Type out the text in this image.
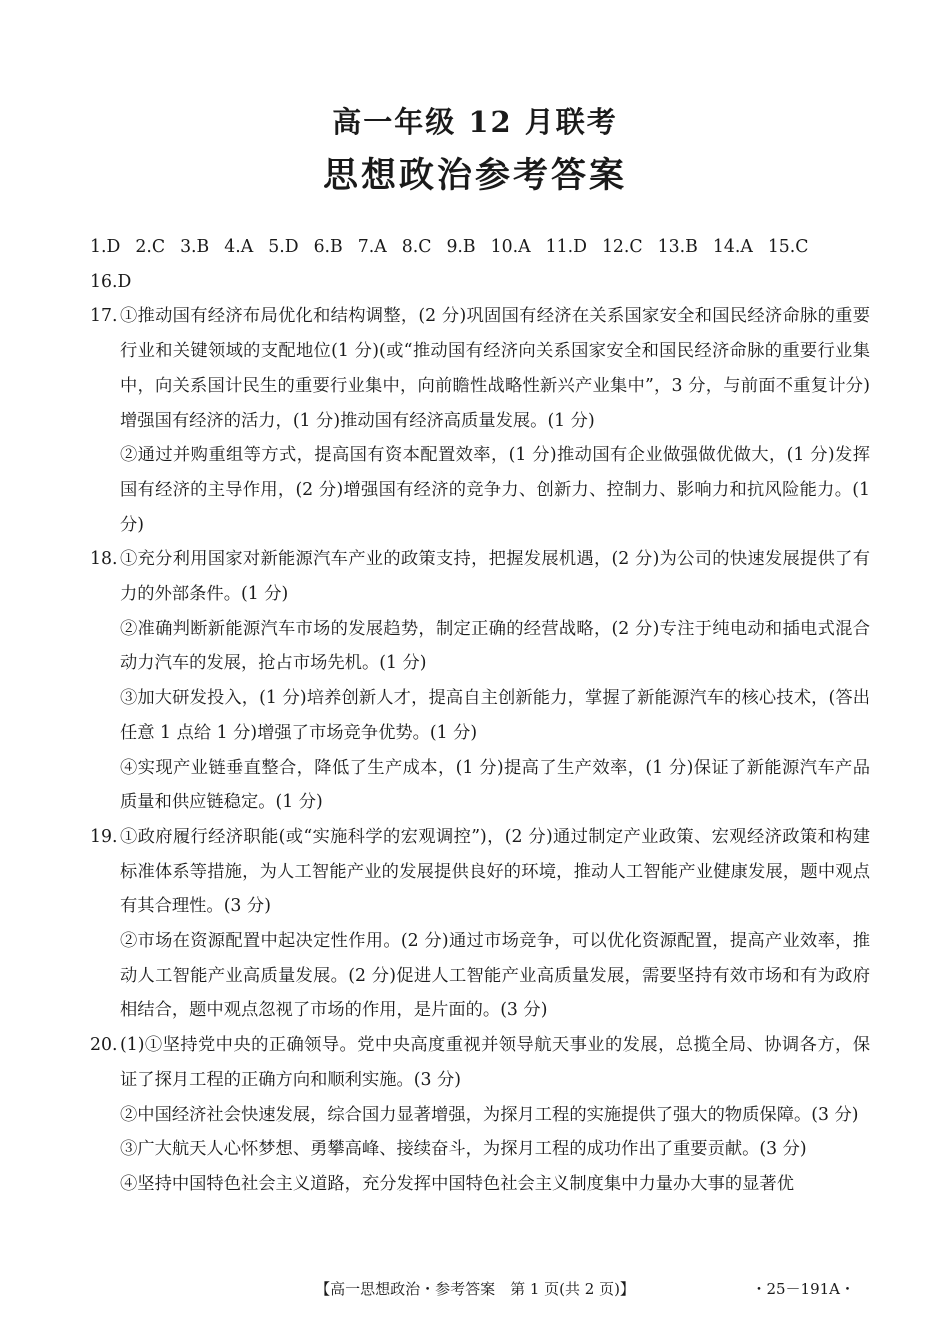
高一年级 12 月联考
思想政治参考答案
1.D 2.C 3.B 4.A 5.D 6.B 7.A 8.C 9.B 10.A 11.D 12.C 13.B 14.A 15.C
16.D
17. ①推动国有经济布局优化和结构调整，(2 分)巩固国有经济在关系国家安全和国民经济命脉的重要行业和关键领域的支配地位(1 分)(或“推动国有经济向关系国家安全和国民经济命脉的重要行业集中，向关系国计民生的重要行业集中，向前瞻性战略性新兴产业集中”，3 分，与前面不重复计分)增强国有经济的活力，(1 分)推动国有经济高质量发展。(1 分)

②通过并购重组等方式，提高国有资本配置效率，(1 分)推动国有企业做强做优做大，(1 分)发挥国有经济的主导作用，(2 分)增强国有经济的竞争力、创新力、控制力、影响力和抗风险能力。(1 分)

18. ①充分利用国家对新能源汽车产业的政策支持，把握发展机遇，(2 分)为公司的快速发展提供了有力的外部条件。(1 分)

②准确判断新能源汽车市场的发展趋势，制定正确的经营战略，(2 分)专注于纯电动和插电式混合动力汽车的发展，抢占市场先机。(1 分)

③加大研发投入，(1 分)培养创新人才，提高自主创新能力，掌握了新能源汽车的核心技术，(答出任意 1 点给 1 分)增强了市场竞争优势。(1 分)

④实现产业链垂直整合，降低了生产成本，(1 分)提高了生产效率，(1 分)保证了新能源汽车产品质量和供应链稳定。(1 分)

19. ①政府履行经济职能(或“实施科学的宏观调控”)，(2 分)通过制定产业政策、宏观经济政策和构建标准体系等措施，为人工智能产业的发展提供良好的环境，推动人工智能产业健康发展，题中观点有其合理性。(3 分)

②市场在资源配置中起决定性作用。(2 分)通过市场竞争，可以优化资源配置，提高产业效率，推动人工智能产业高质量发展。(2 分)促进人工智能产业高质量发展，需要坚持有效市场和有为政府相结合，题中观点忽视了市场的作用，是片面的。(3 分)

20. (1)①坚持党中央的正确领导。党中央高度重视并领导航天事业的发展，总揽全局、协调各方，保证了探月工程的正确方向和顺利实施。(3 分)

②中国经济社会快速发展，综合国力显著增强，为探月工程的实施提供了强大的物质保障。(3 分)

③广大航天人心怀梦想、勇攀高峰、接续奋斗，为探月工程的成功作出了重要贡献。(3 分)

④坚持中国特色社会主义道路，充分发挥中国特色社会主义制度集中力量办大事的显著优

【高一思想政治・参考答案　第 1 页(共 2 页)】	・25－191A・
